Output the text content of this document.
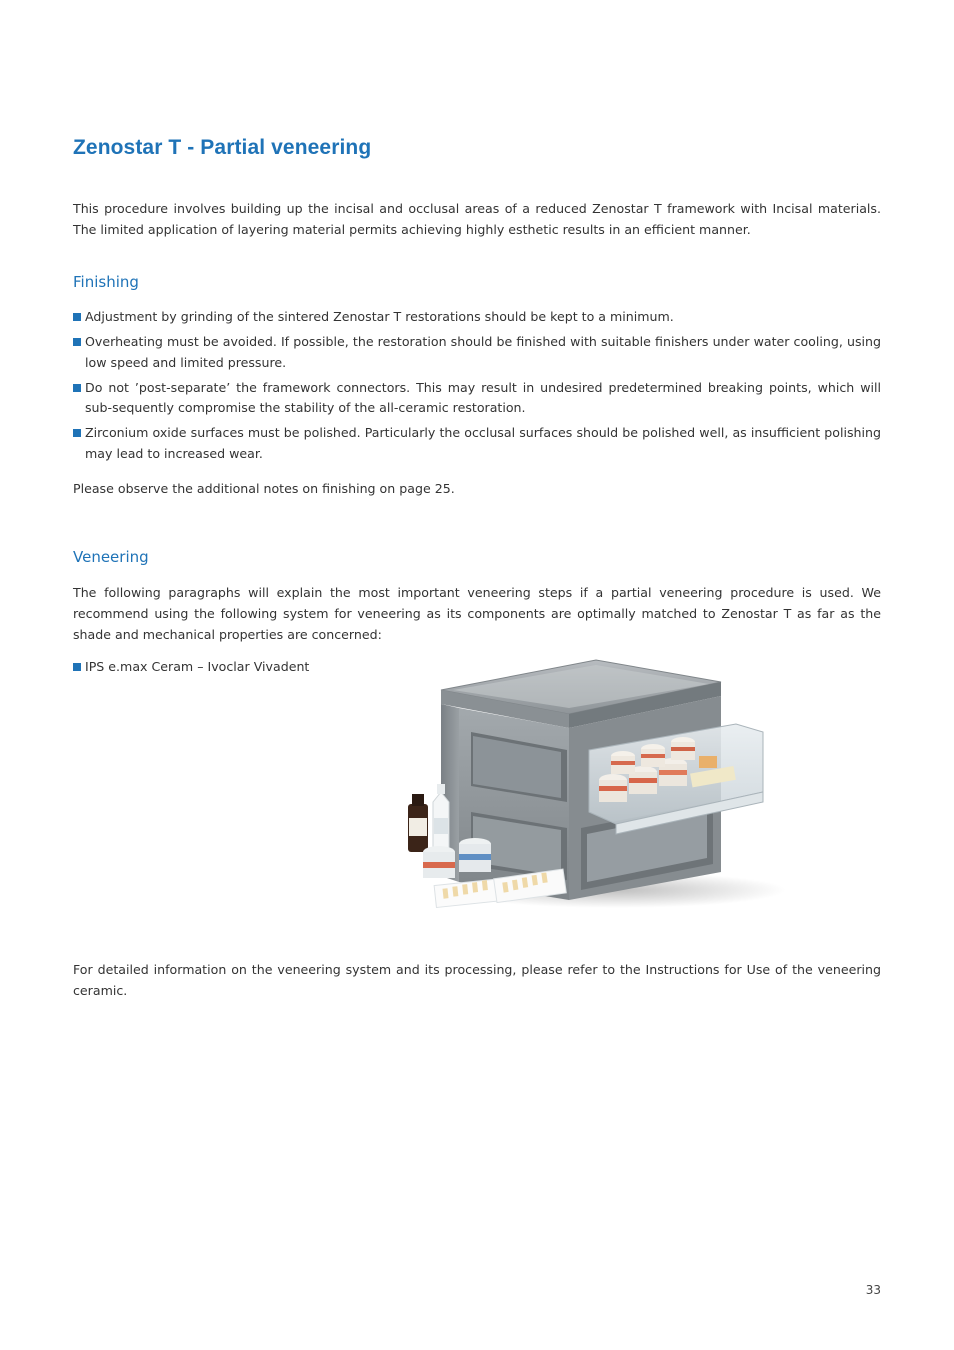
Zenostar T - Partial veneering

This procedure involves building up the incisal and occlusal areas of a reduced Zenostar T framework with Incisal materials. The limited application of layering material permits achieving highly esthetic results in an efficient manner.

Finishing
Adjustment by grinding of the sintered Zenostar T restorations should be kept to a minimum.
Overheating must be avoided. If possible, the restoration should be finished with suitable finishers under water cooling, using low speed and limited pressure.
Do not ’post-separate’ the framework connectors. This may result in undesired predetermined breaking points, which will sub-sequently compromise the stability of the all-ceramic restoration.
Zirconium oxide surfaces must be polished. Particularly the occlusal surfaces should be polished well, as insufficient polishing may lead to increased wear.

Please observe the additional notes on finishing on page 25.

Veneering

The following paragraphs will explain the most important veneering steps if a partial veneering procedure is used. We recommend using the following system for veneering as its components are optimally matched to Zenostar T as far as the shade and mechanical properties are concerned:

IPS e.max Ceram – Ivoclar Vivadent

For detailed information on the veneering system and its processing, please refer to the Instructions for Use of the veneering ceramic.

33
